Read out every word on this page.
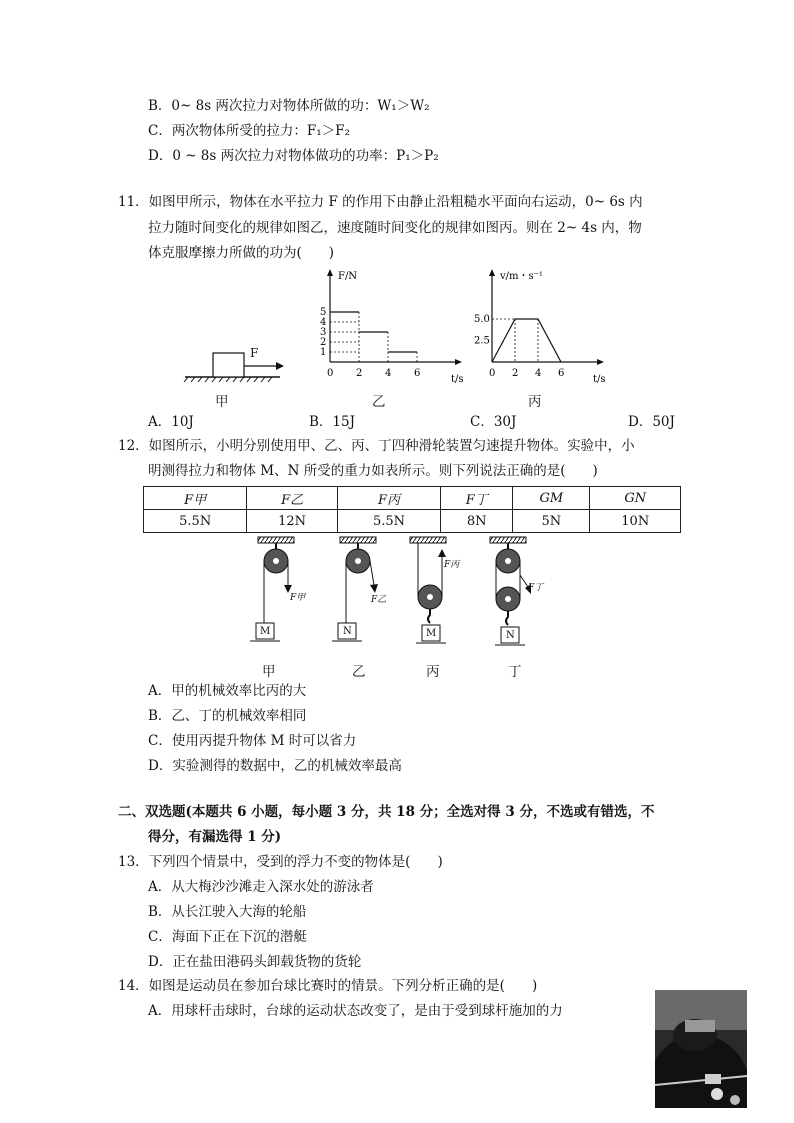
B．0~ 8s 两次拉力对物体所做的功：W₁＞W₂
C．两次物体所受的拉力：F₁＞F₂
D．0 ~ 8s 两次拉力对物体做功的功率：P₁＞P₂
11．如图甲所示，物体在水平拉力 F 的作用下由静止沿粗糙水平面向右运动，0~ 6s 内
拉力随时间变化的规律如图乙，速度随时间变化的规律如图丙。则在 2~ 4s 内，物
体克服摩擦力所做的功为(　　)
F
甲
F/N
t/s
1
2
3
4
5
0 2 4 6
乙
v/m・s⁻¹
t/s
2.5
5.0
0 2 4 6
丙
A．10J	B．15J	C．30J	D．50J
12．如图所示，小明分别使用甲、乙、丙、丁四种滑轮装置匀速提升物体。实验中，小
明测得拉力和物体 M、N 所受的重力如表所示。则下列说法正确的是(　　)
F甲	F乙	F丙	F丁	GM	GN
5.5N	12N	5.5N	8N	5N	10N
M	N	M	N
F甲	F乙
F丙
F丁
甲	乙	丙	丁
A．甲的机械效率比丙的大
B．乙、丁的机械效率相同
C．使用丙提升物体 M 时可以省力
D．实验测得的数据中，乙的机械效率最高
二、双选题(本题共 6 小题，每小题 3 分，共 18 分；全选对得 3 分，不选或有错选，不
得分，有漏选得 1 分)
13．下列四个情景中，受到的浮力不变的物体是(　　)
A．从大梅沙沙滩走入深水处的游泳者
B．从长江驶入大海的轮船
C．海面下正在下沉的潜艇
D．正在盐田港码头卸载货物的货轮
14．如图是运动员在参加台球比赛时的情景。下列分析正确的是(　　)
A．用球杆击球时，台球的运动状态改变了，是由于受到球杆施加的力
